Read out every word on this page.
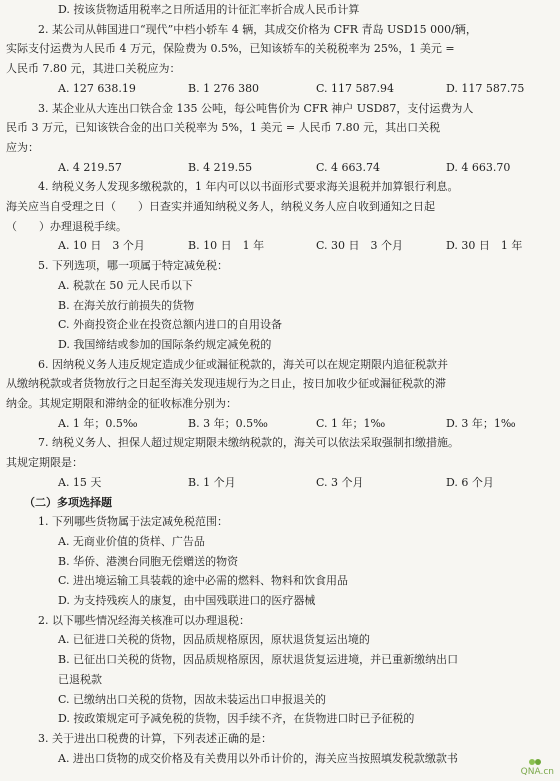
D. 按该货物适用税率之日所适用的计征汇率折合成人民币计算
2. 某公司从韩国进口“现代”中档小轿车 4 辆，其成交价格为 CFR 青岛 USD15 000/辆，
实际支付运费为人民币 4 万元，保险费为 0.5%，已知该轿车的关税税率为 25%，1 美元 =
人民币 7.80 元，其进口关税应为：
A. 127 638.19	B. 1 276 380	C. 117 587.94	D. 117 587.75
3. 某企业从大连出口铁合金 135 公吨，每公吨售价为 CFR 神户 USD87，支付运费为人
民币 3 万元，已知该铁合金的出口关税率为 5%，1 美元 = 人民币 7.80 元，其出口关税
应为：
A. 4 219.57	B. 4 219.55	C. 4 663.74	D. 4 663.70
4. 纳税义务人发现多缴税款的，1 年内可以以书面形式要求海关退税并加算银行利息。
海关应当自受理之日（　　）日查实并通知纳税义务人，纳税义务人应自收到通知之日起
（　　）办理退税手续。
A. 10 日　3 个月	B. 10 日　1 年	C. 30 日　3 个月	D. 30 日　1 年
5. 下列选项，哪一项属于特定减免税：
A. 税款在 50 元人民币以下
B. 在海关放行前损失的货物
C. 外商投资企业在投资总额内进口的自用设备
D. 我国缔结或参加的国际条约规定减免税的
6. 因纳税义务人违反规定造成少征或漏征税款的，海关可以在规定期限内追征税款并
从缴纳税款或者货物放行之日起至海关发现违规行为之日止，按日加收少征或漏征税款的滞
纳金。其规定期限和滞纳金的征收标准分别为：
A. 1 年；0.5‰	B. 3 年；0.5‰	C. 1 年；1‰	D. 3 年；1‰
7. 纳税义务人、担保人超过规定期限未缴纳税款的，海关可以依法采取强制扣缴措施。
其规定期限是：
A. 15 天	B. 1 个月	C. 3 个月	D. 6 个月
（二）多项选择题
1. 下列哪些货物属于法定减免税范围：
A. 无商业价值的货样、广告品
B. 华侨、港澳台同胞无偿赠送的物资
C. 进出境运输工具装载的途中必需的燃料、物料和饮食用品
D. 为支持残疾人的康复，由中国残联进口的医疗器械
2. 以下哪些情况经海关核准可以办理退税：
A. 已征进口关税的货物，因品质规格原因，原状退货复运出境的
B. 已征出口关税的货物，因品质规格原因，原状退货复运进境，并已重新缴纳出口
已退税款
C. 已缴纳出口关税的货物，因故未装运出口申报退关的
D. 按政策规定可予减免税的货物，因手续不齐，在货物进口时已予征税的
3. 关于进出口税费的计算，下列表述正确的是：
A. 进出口货物的成交价格及有关费用以外币计价的，海关应当按照填发税款缴款书
QNA.cn
